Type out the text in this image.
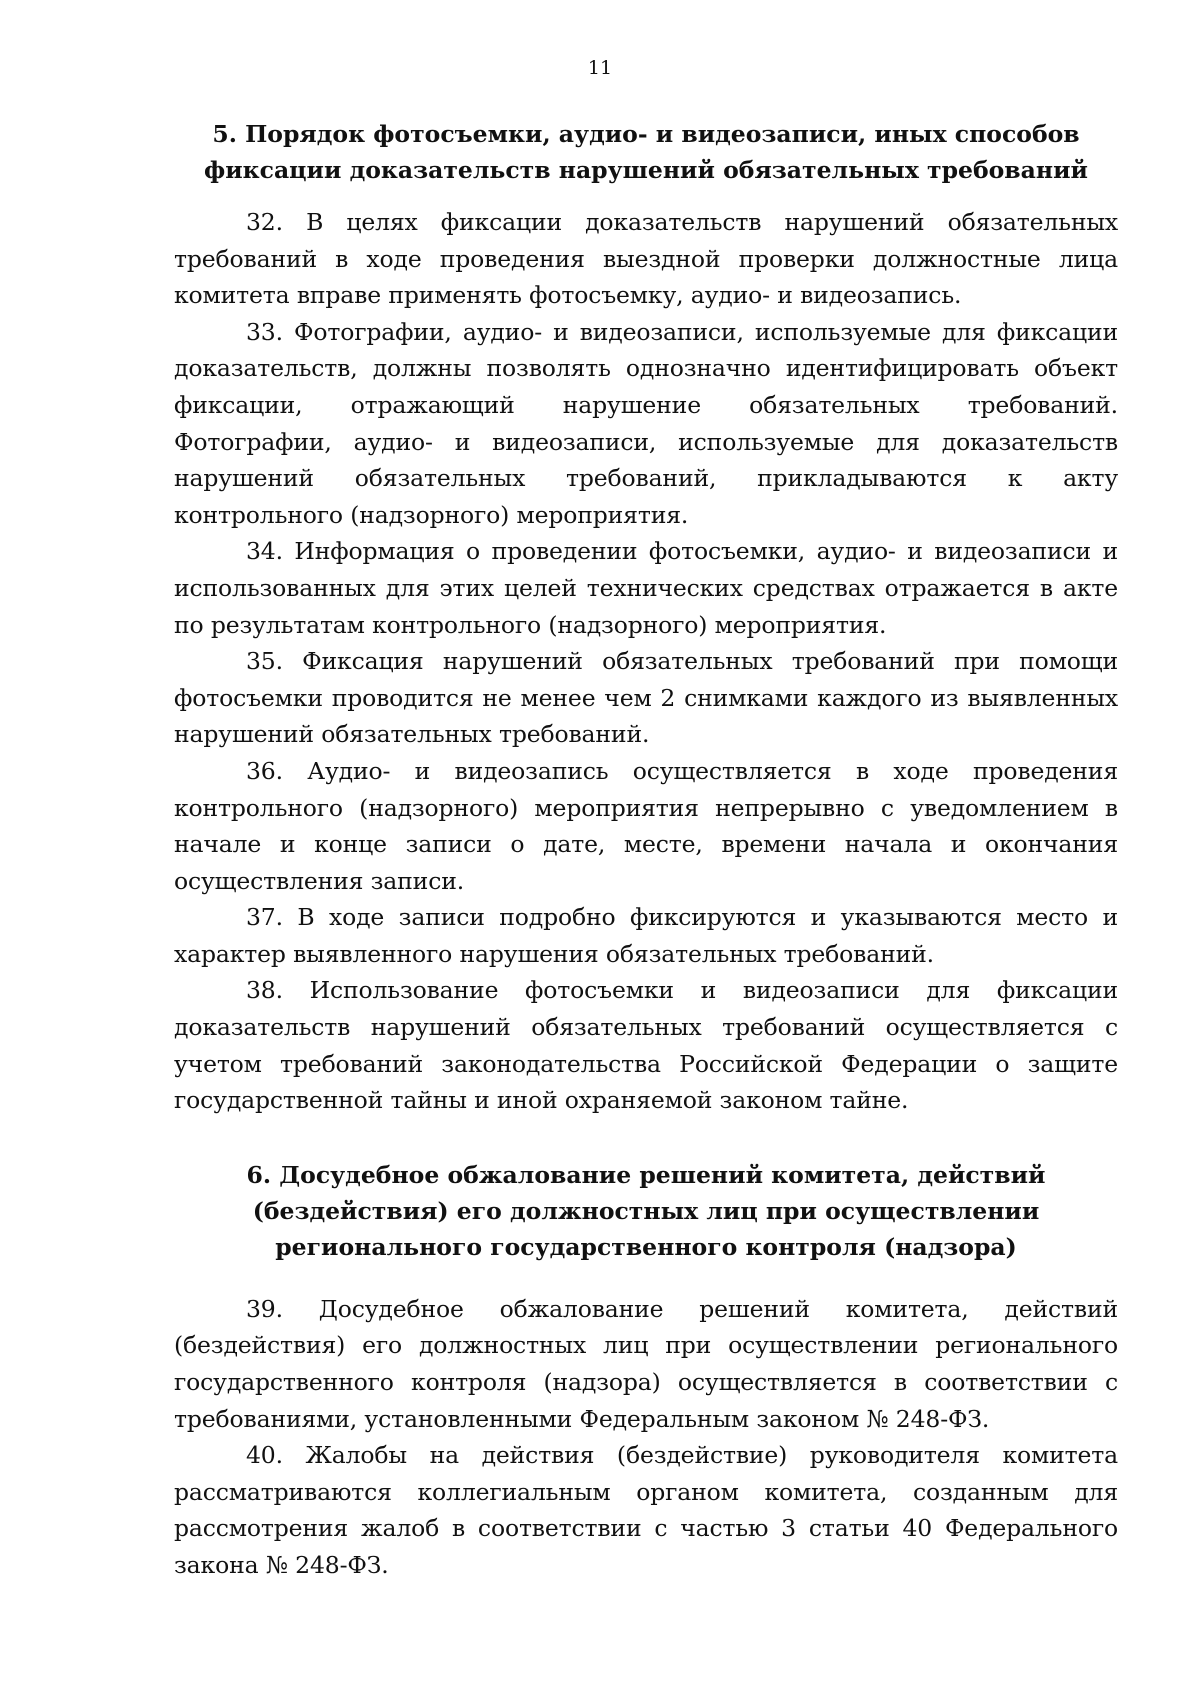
11
5. Порядок фотосъемки, аудио- и видеозаписи, иных способов
фиксации доказательств нарушений обязательных требований

32. В целях фиксации доказательств нарушений обязательных требований в ходе проведения выездной проверки должностные лица комитета вправе применять фотосъемку, аудио- и видеозапись.

33. Фотографии, аудио- и видеозаписи, используемые для фиксации доказательств, должны позволять однозначно идентифицировать объект фиксации, отражающий нарушение обязательных требований. Фотографии, аудио- и видеозаписи, используемые для доказательств нарушений обязательных требований, прикладываются к акту контрольного (надзорного) мероприятия.

34. Информация о проведении фотосъемки, аудио- и видеозаписи и использованных для этих целей технических средствах отражается в акте по результатам контрольного (надзорного) мероприятия.

35. Фиксация нарушений обязательных требований при помощи фотосъемки проводится не менее чем 2 снимками каждого из выявленных нарушений обязательных требований.

36. Аудио- и видеозапись осуществляется в ходе проведения контрольного (надзорного) мероприятия непрерывно с уведомлением в начале и конце записи о дате, месте, времени начала и окончания осуществления записи.

37. В ходе записи подробно фиксируются и указываются место и характер выявленного нарушения обязательных требований.

38. Использование фотосъемки и видеозаписи для фиксации доказательств нарушений обязательных требований осуществляется с учетом требований законодательства Российской Федерации о защите государственной тайны и иной охраняемой законом тайне.

6. Досудебное обжалование решений комитета, действий
(бездействия) его должностных лиц при осуществлении
регионального государственного контроля (надзора)

39. Досудебное обжалование решений комитета, действий (бездействия) его должностных лиц при осуществлении регионального государственного контроля (надзора) осуществляется в соответствии с требованиями, установленными Федеральным законом № 248-ФЗ.

40. Жалобы на действия (бездействие) руководителя комитета рассматриваются коллегиальным органом комитета, созданным для рассмотрения жалоб в соответствии с частью 3 статьи 40 Федерального закона № 248-ФЗ.
